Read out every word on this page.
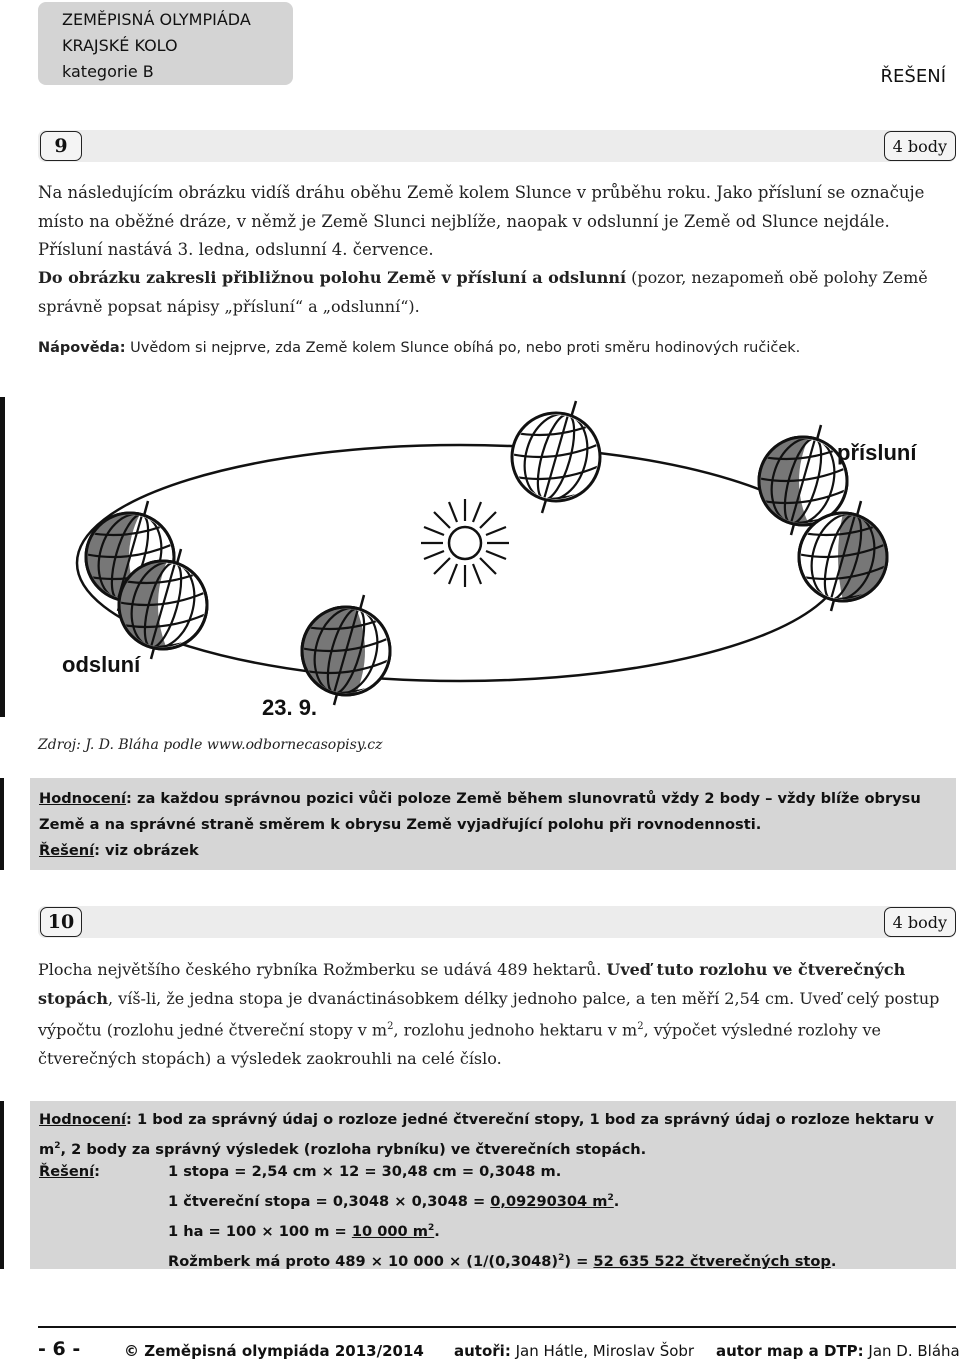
ZEMĚPISNÁ OLYMPIÁDA
KRAJSKÉ KOLO
kategorie B	ŘEŠENÍ
9	4 body
Na následujícím obrázku vidíš dráhu oběhu Země kolem Slunce v průběhu roku. Jako přísluní se označuje místo na oběžné dráze, v němž je Země Slunci nejblíže, naopak v odslunní je Země od Slunce nejdále. Přísluní nastává 3. ledna, odslunní 4. července.
Do obrázku zakresli přibližnou polohu Země v přísluní a odslunní (pozor, nezapomeň obě polohy Země správně popsat nápisy „přísluní“ a „odslunní“).
Nápověda: Uvědom si nejprve, zda Země kolem Slunce obíhá po, nebo proti směru hodinových ručiček.
přísluní
odsluní
23. 9.
Zdroj: J. D. Bláha podle www.odbornecasopisy.cz
Hodnocení: za každou správnou pozici vůči poloze Země během slunovratů vždy 2 body – vždy blíže obrysu Země a na správné straně směrem k obrysu Země vyjadřující polohu při rovnodennosti.
Řešení: viz obrázek
10	4 body
Plocha největšího českého rybníka Rožmberku se udává 489 hektarů. Uveď tuto rozlohu ve čtverečných stopách, víš-li, že jedna stopa je dvanáctinásobkem délky jednoho palce, a ten měří 2,54 cm. Uveď celý postup výpočtu (rozlohu jedné čtvereční stopy v $m^2$, rozlohu jednoho hektaru v $m^2$, výpočet výsledné rozlohy ve čtverečných stopách) a výsledek zaokrouhli na celé číslo.
Hodnocení: 1 bod za správný údaj o rozloze jedné čtvereční stopy, 1 bod za správný údaj o rozloze hektaru v $m^2$, 2 body za správný výsledek (rozloha rybníku) ve čtverečních stopách.
Řešení:	1 stopa = 2,54 cm × 12 = 30,48 cm = 0,3048 m.
1 čtvereční stopa = 0,3048 × 0,3048 = 0,09290304 $m^2$.
1 ha = 100 × 100 m = 10 000 $m^2$.
Rožmberk má proto 489 × 10 $000 \times (1/(0,3048)^2) = 52$ 635 522 čtverečných stop.
- 6 -	© Zeměpisná olympiáda 2013/2014 autoři: Jan Hátle, Miroslav Šobr autor map a DTP: Jan D. Bláha
